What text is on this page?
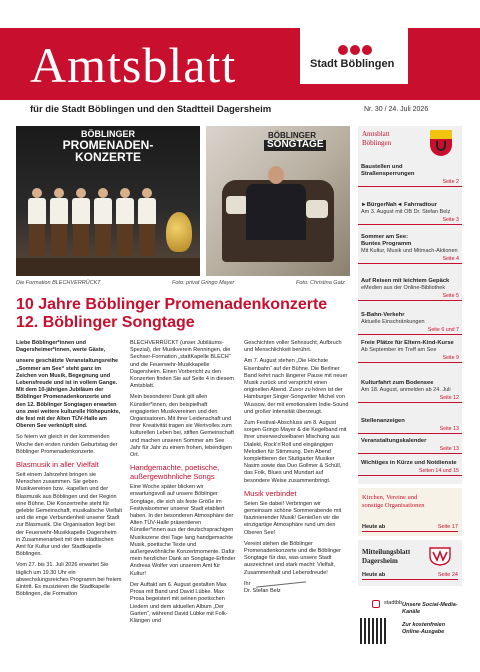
Amtsblatt	Stadt Böblingen
für die Stadt Böblingen und den Stadtteil Dagersheim	Nr. 30 / 24. Juli 2026
BÖBLINGER
PROMENADEN-
KONZERTE
BÖBLINGER
SONGTAGE
Die Formation BLECHVERRÜCKT	Foto: privat Gringo Mayer	Foto: Christina Gatz
10 Jahre Böblinger Promenadenkonzerte
12. Böblinger Songtage

Liebe Böblinger*innen und Dagersheimer*innen, werte Gäste,

unsere geschätzte Veranstaltungsreihe „Sommer am See“ steht ganz im Zeichen von Musik, Begegnung und Lebensfreude und ist in vollem Gange. Mit dem 10-jährigen Jubiläum der Böblinger Promenadenkonzerte und den 12. Böblinger Songtagen erwarten uns zwei weitere kulturelle Höhepunkte, die fest mit der Alten TÜV-Halle am Oberen See verknüpft sind.

So feiern wir gleich in der kommenden Woche den ersten runden Geburtstag der Böblinger Promenadenkonzerte.

Blasmusik in aller Vielfalt

Seit einem Jahrzehnt bringen sie Menschen zusammen. Sie geben Musikvereinen bzw. -kapellen und der Blasmusik aus Böblingen und der Region eine Bühne. Die Konzertreihe steht für gelebte Gemeinschaft, musikalische Vielfalt und die enge Verbundenheit unserer Stadt zur Blasmusik. Die Organisation liegt bei der Feuerwehr-Musikkapelle Dagersheim in Zusammenarbeit mit dem städtischen Amt für Kultur und der Stadtkapelle Böblingen.

Vom 27. bis 31. Juli 2026 erwartet Sie täglich um 19.30 Uhr ein abwechslungsreiches Programm bei freiem Eintritt. Es musizieren die Stadtkapelle Böblingen, die Formation

BLECHVERRÜCKT (unser Jubiläums-Spezial), der Musikverein Renningen, die Sechser-Formation „stattKapelle BLECH“ und die Feuerwehr-Musikkapelle Dagersheim. Einen Vorbericht zu den Konzerten finden Sie auf Seite 4 in diesem Amtsblatt.

Mein besonderer Dank gilt allen Künstler*innen, den beispielhaft engagierten Musikvereinen und den Organisatoren. Mit ihrer Leidenschaft und ihrer Kreativität tragen sie Wertvolles zum kulturellen Leben bei, stiften Gemeinschaft und machen unseren Sommer am See Jahr für Jahr zu einem frohen, lebendigen Ort.

Handgemachte, poetische, außergewöhnliche Songs

Eine Woche später blicken wir erwartungsvoll auf unsere Böblinger Songtage, die sich als feste Größe im Festivalsommer unserer Stadt etabliert haben. In der besonderen Atmosphäre der Alten TÜV-Halle präsentieren Künstler*innen aus der deutschsprachigen Musikszene drei Tage lang handgemachte Musik, poetische Texte und außergewöhnliche Konzertmomente. Dafür mein herzlicher Dank an Songtage-Erfinder Andreas Wolfer von unserem Amt für Kultur!

Der Auftakt am 6. August gestalten Max Prosa mit Band und David Lübke. Max Prosa begeistert mit seinen poetischen Liedern und dem aktuellen Album „Der Garten“, während David Lübke mit Folk-Klängen und

Geschichten voller Sehnsucht, Aufbruch und Menschlichkeit berührt.

Am 7. August stehen „Die Höchste Eisenbahn“ auf der Bühne. Die Berliner Band kehrt nach längerer Pause mit neuer Musik zurück und verspricht einen originellen Abend. Zuvor zu hören ist der Hamburger Singer-Songwriter Michel von Wussow, der mit emotionalem Indie-Sound und großer Intensität überzeugt.

Zum Festival-Abschluss am 8. August sorgen Gringo Mayer & die Kegelband mit ihrer unverwechselbaren Mischung aus Dialekt, Rock'n'Roll und eingängigen Melodien für Stimmung. Den Abend komplettieren der Stuttgarter Musiker Nasim sowie das Duo Gollmer & Schüll, das Folk, Blues und Mundart auf besondere Weise zusammenbringt.

Musik verbindet

Seien Sie dabei! Verbringen wir gemeinsam schöne Sommerabende mit faszinierender Musik! Genießen wir die einzigartige Atmosphäre rund um den Oberen See!

Vereint stehen die Böblinger Promenadenkonzerte und die Böblinger Songtage für das, was unsere Stadt auszeichnet und stark macht: Vielfalt, Zusammenhalt und Lebensfreude!

Ihr
Dr. Stefan Belz
Amtsblatt
Böblingen
Baustellen und
Straßensperrungen
Seite 2
►BürgerNah◄ Fahrradtour
Am 3. August mit OB Dr. Stefan Belz
Seite 3
Sommer am See:
Buntes Programm
Mit Kultur, Musik und Mitmach-Aktionen
Seite 4
Auf Reisen mit leichtem Gepäck
eMedien aus der Online-Bibliothek
Seite 5
S-Bahn-Verkehr
Aktuelle Einschränkungen
Seite 6 und 7
Freie Plätze für Eltern-Kind-Kurse
Ab September im Treff am See
Seite 9
Kulturfahrt zum Bodensee
Am 18. August, anmelden ab 24. Juli
Seite 12
Stellenanzeigen
Seite 13
Veranstaltungskalender
Seite 13
Wichtiges in Kürze und Notdienste
Seiten 14 und 15
Kirchen, Vereine und
sonstige Organisationen
Seite 17
Heute ab
Mitteilungsblatt
Dagersheim
Seite 24
Heute ab
stadtbb Unsere Social-Media-Kanäle
Zur kostenfreien Online-Ausgabe
